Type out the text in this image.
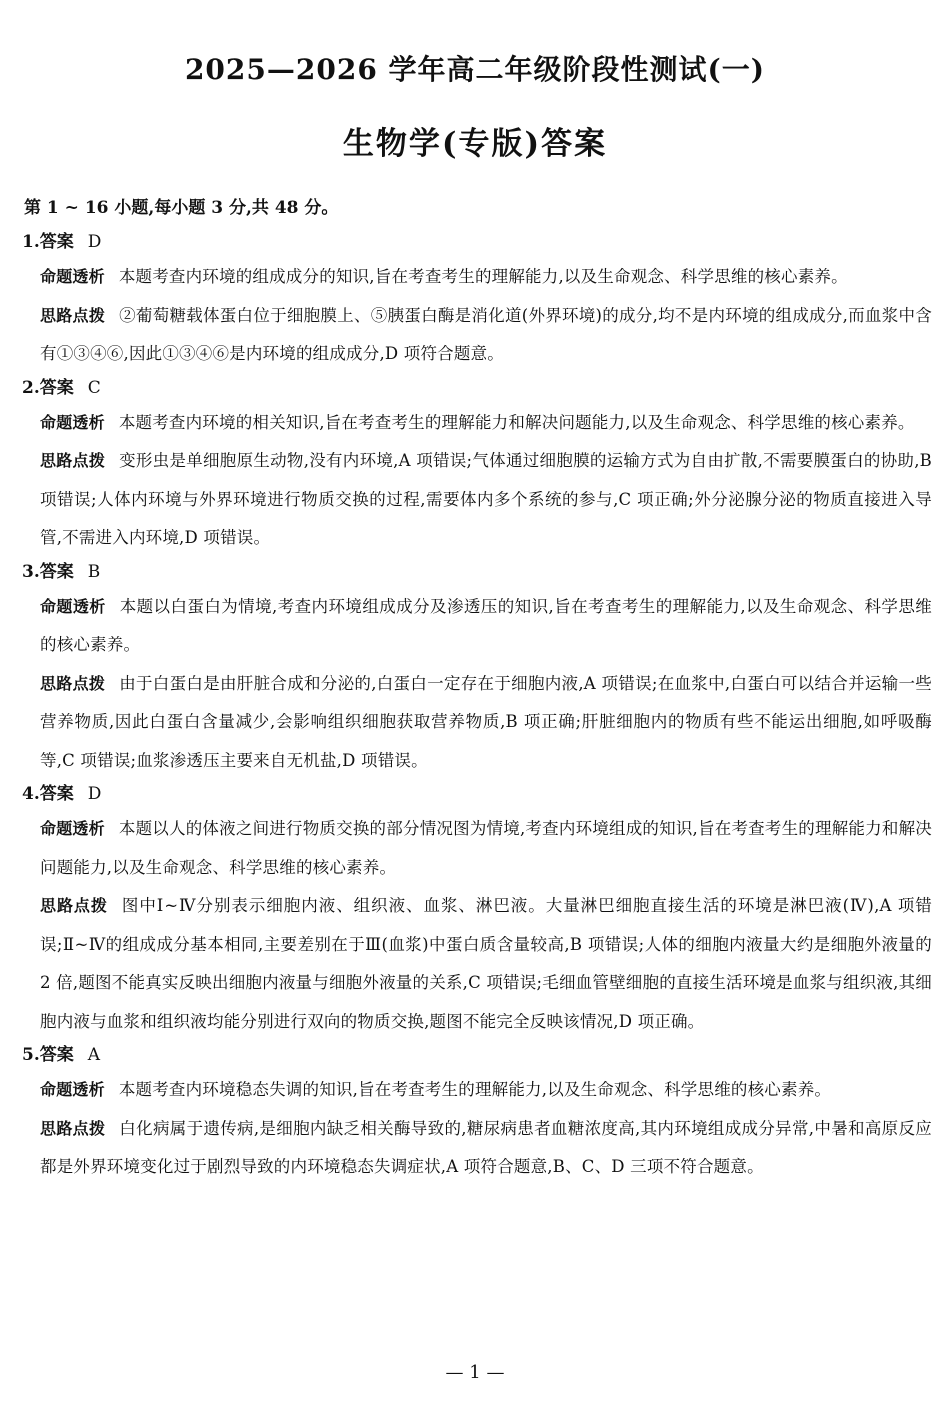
2025—2026 学年高二年级阶段性测试(一)
生物学(专版)答案
第 1 ~ 16 小题,每小题 3 分,共 48 分。
1.答案 D

命题透析 本题考查内环境的组成成分的知识,旨在考查考生的理解能力,以及生命观念、科学思维的核心素养。

思路点拨 ②葡萄糖载体蛋白位于细胞膜上、⑤胰蛋白酶是消化道(外界环境)的成分,均不是内环境的组成成分,而血浆中含有①③④⑥,因此①③④⑥是内环境的组成成分,D 项符合题意。

2.答案 C

命题透析 本题考查内环境的相关知识,旨在考查考生的理解能力和解决问题能力,以及生命观念、科学思维的核心素养。

思路点拨 变形虫是单细胞原生动物,没有内环境,A 项错误;气体通过细胞膜的运输方式为自由扩散,不需要膜蛋白的协助,B 项错误;人体内环境与外界环境进行物质交换的过程,需要体内多个系统的参与,C 项正确;外分泌腺分泌的物质直接进入导管,不需进入内环境,D 项错误。

3.答案 B

命题透析 本题以白蛋白为情境,考查内环境组成成分及渗透压的知识,旨在考查考生的理解能力,以及生命观念、科学思维的核心素养。

思路点拨 由于白蛋白是由肝脏合成和分泌的,白蛋白一定存在于细胞内液,A 项错误;在血浆中,白蛋白可以结合并运输一些营养物质,因此白蛋白含量减少,会影响组织细胞获取营养物质,B 项正确;肝脏细胞内的物质有些不能运出细胞,如呼吸酶等,C 项错误;血浆渗透压主要来自无机盐,D 项错误。

4.答案 D

命题透析 本题以人的体液之间进行物质交换的部分情况图为情境,考查内环境组成的知识,旨在考查考生的理解能力和解决问题能力,以及生命观念、科学思维的核心素养。

思路点拨 图中Ⅰ~Ⅳ分别表示细胞内液、组织液、血浆、淋巴液。大量淋巴细胞直接生活的环境是淋巴液(Ⅳ),A 项错误;Ⅱ~Ⅳ的组成成分基本相同,主要差别在于Ⅲ(血浆)中蛋白质含量较高,B 项错误;人体的细胞内液量大约是细胞外液量的 2 倍,题图不能真实反映出细胞内液量与细胞外液量的关系,C 项错误;毛细血管壁细胞的直接生活环境是血浆与组织液,其细胞内液与血浆和组织液均能分别进行双向的物质交换,题图不能完全反映该情况,D 项正确。

5.答案 A

命题透析 本题考查内环境稳态失调的知识,旨在考查考生的理解能力,以及生命观念、科学思维的核心素养。

思路点拨 白化病属于遗传病,是细胞内缺乏相关酶导致的,糖尿病患者血糖浓度高,其内环境组成成分异常,中暑和高原反应都是外界环境变化过于剧烈导致的内环境稳态失调症状,A 项符合题意,B、C、D 三项不符合题意。

— 1 —
